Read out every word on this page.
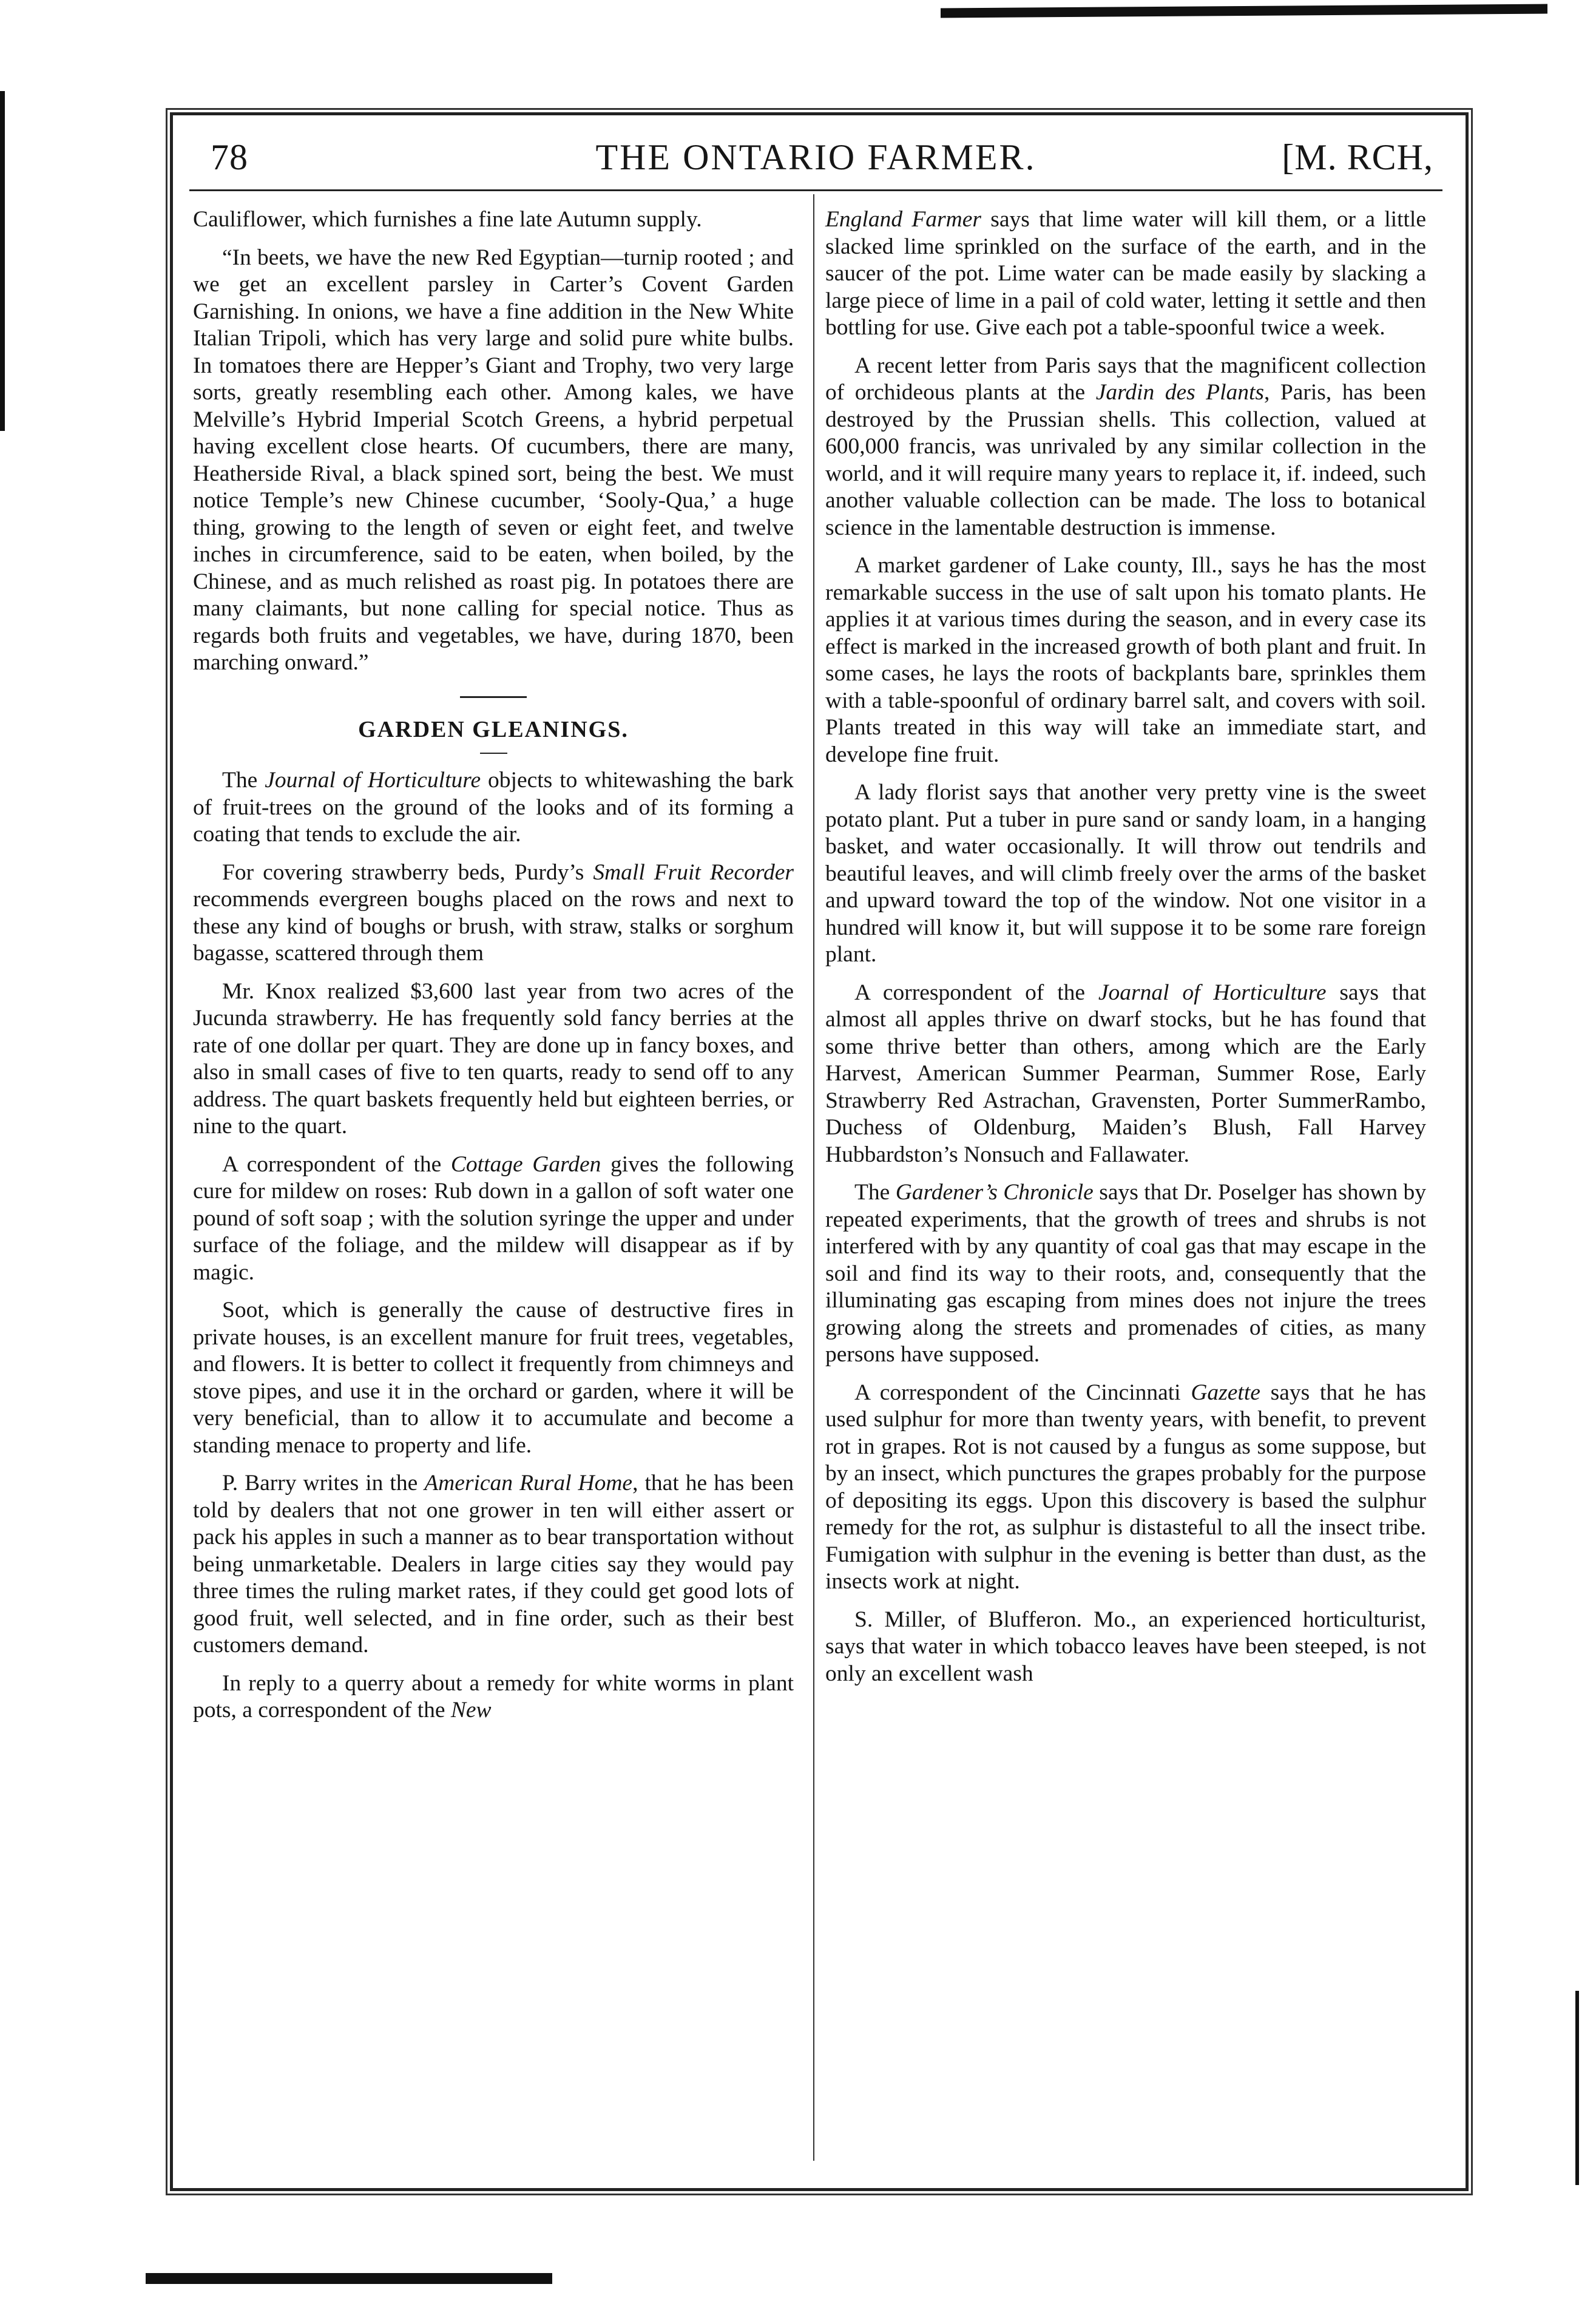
78	THE ONTARIO FARMER.	[M. RCH,

Cauliflower, which furnishes a fine late Autumn supply.

“In beets, we have the new Red Egyptian—turnip rooted ; and we get an excellent parsley in Carter’s Covent Garden Garnishing. In onions, we have a fine addition in the New White Italian Tripoli, which has very large and solid pure white bulbs. In tomatoes there are Hepper’s Giant and Trophy, two very large sorts, greatly resembling each other. Among kales, we have Melville’s Hybrid Imperial Scotch Greens, a hybrid perpetual having excellent close hearts. Of cucumbers, there are many, Heatherside Rival, a black spined sort, being the best. We must notice Temple’s new Chinese cucumber, ‘Sooly-Qua,’ a huge thing, growing to the length of seven or eight feet, and twelve inches in circumference, said to be eaten, when boiled, by the Chinese, and as much relished as roast pig. In potatoes there are many claimants, but none calling for special notice. Thus as regards both fruits and vegetables, we have, during 1870, been marching onward.”

GARDEN GLEANINGS.

The Journal of Horticulture objects to whitewashing the bark of fruit-trees on the ground of the looks and of its forming a coating that tends to exclude the air.

For covering strawberry beds, Purdy’s Small Fruit Recorder recommends evergreen boughs placed on the rows and next to these any kind of boughs or brush, with straw, stalks or sorghum bagasse, scattered through them

Mr. Knox realized $3,600 last year from two acres of the Jucunda strawberry. He has frequently sold fancy berries at the rate of one dollar per quart. They are done up in fancy boxes, and also in small cases of five to ten quarts, ready to send off to any address. The quart baskets frequently held but eighteen berries, or nine to the quart.

A correspondent of the Cottage Garden gives the following cure for mildew on roses: Rub down in a gallon of soft water one pound of soft soap ; with the solution syringe the upper and under surface of the foliage, and the mildew will disappear as if by magic.

Soot, which is generally the cause of destructive fires in private houses, is an excellent manure for fruit trees, vegetables, and flowers. It is better to collect it frequently from chimneys and stove pipes, and use it in the orchard or garden, where it will be very beneficial, than to allow it to accumulate and become a standing menace to property and life.

P. Barry writes in the American Rural Home, that he has been told by dealers that not one grower in ten will either assert or pack his apples in such a manner as to bear transportation without being unmarketable. Dealers in large cities say they would pay three times the ruling market rates, if they could get good lots of good fruit, well selected, and in fine order, such as their best customers demand.

In reply to a querry about a remedy for white worms in plant pots, a correspondent of the New

England Farmer says that lime water will kill them, or a little slacked lime sprinkled on the surface of the earth, and in the saucer of the pot. Lime water can be made easily by slacking a large piece of lime in a pail of cold water, letting it settle and then bottling for use. Give each pot a table-spoonful twice a week.

A recent letter from Paris says that the magnificent collection of orchideous plants at the Jardin des Plants, Paris, has been destroyed by the Prussian shells. This collection, valued at 600,000 francis, was unrivaled by any similar collection in the world, and it will require many years to replace it, if. indeed, such another valuable collection can be made. The loss to botanical science in the lamentable destruction is immense.

A market gardener of Lake county, Ill., says he has the most remarkable success in the use of salt upon his tomato plants. He applies it at various times during the season, and in every case its effect is marked in the increased growth of both plant and fruit. In some cases, he lays the roots of backplants bare, sprinkles them with a table-spoonful of ordinary barrel salt, and covers with soil. Plants treated in this way will take an immediate start, and develope fine fruit.

A lady florist says that another very pretty vine is the sweet potato plant. Put a tuber in pure sand or sandy loam, in a hanging basket, and water occasionally. It will throw out tendrils and beautiful leaves, and will climb freely over the arms of the basket and upward toward the top of the window. Not one visitor in a hundred will know it, but will suppose it to be some rare foreign plant.

A correspondent of the Joarnal of Horticulture says that almost all apples thrive on dwarf stocks, but he has found that some thrive better than others, among which are the Early Harvest, American Summer Pearman, Summer Rose, Early Strawberry Red Astrachan, Gravensten, Porter SummerRambo, Duchess of Oldenburg, Maiden’s Blush, Fall Harvey Hubbardston’s Nonsuch and Fallawater.

The Gardener’s Chronicle says that Dr. Poselger has shown by repeated experiments, that the growth of trees and shrubs is not interfered with by any quantity of coal gas that may escape in the soil and find its way to their roots, and, consequently that the illuminating gas escaping from mines does not injure the trees growing along the streets and promenades of cities, as many persons have supposed.

A correspondent of the Cincinnati Gazette says that he has used sulphur for more than twenty years, with benefit, to prevent rot in grapes. Rot is not caused by a fungus as some suppose, but by an insect, which punctures the grapes probably for the purpose of depositing its eggs. Upon this discovery is based the sulphur remedy for the rot, as sulphur is distasteful to all the insect tribe. Fumigation with sulphur in the evening is better than dust, as the insects work at night.

S. Miller, of Blufferon. Mo., an experienced horticulturist, says that water in which tobacco leaves have been steeped, is not only an excellent wash
